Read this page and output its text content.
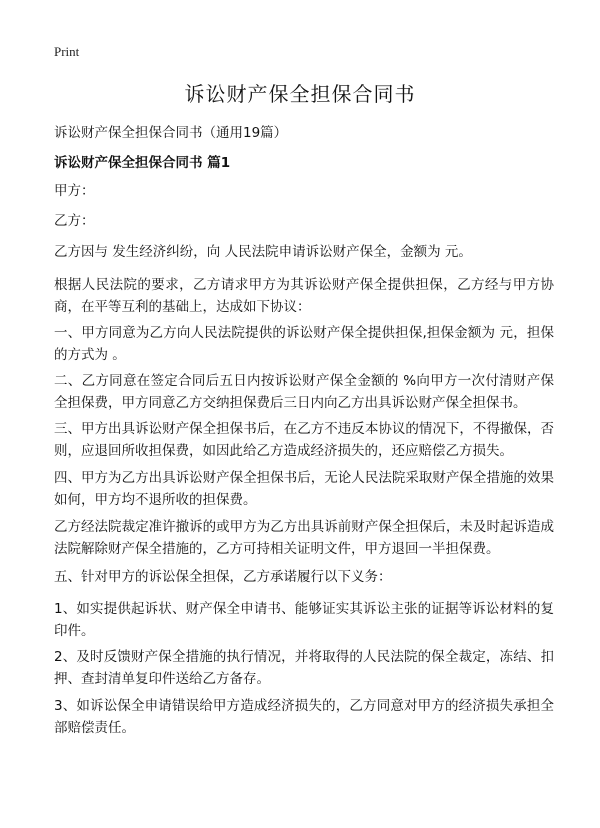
Print
诉讼财产保全担保合同书

诉讼财产保全担保合同书（通用19篇）

诉讼财产保全担保合同书 篇1

甲方：

乙方：

乙方因与 发生经济纠纷，向 人民法院申请诉讼财产保全，金额为 元。

根据人民法院的要求，乙方请求甲方为其诉讼财产保全提供担保，乙方经与甲方协商，在平等互利的基础上，达成如下协议：

一、甲方同意为乙方向人民法院提供的诉讼财产保全提供担保,担保金额为 元，担保的方式为 。

二、乙方同意在签定合同后五日内按诉讼财产保全金额的 %向甲方一次付清财产保全担保费，甲方同意乙方交纳担保费后三日内向乙方出具诉讼财产保全担保书。

三、甲方出具诉讼财产保全担保书后，在乙方不违反本协议的情况下，不得撤保，否则，应退回所收担保费，如因此给乙方造成经济损失的，还应赔偿乙方损失。

四、甲方为乙方出具诉讼财产保全担保书后，无论人民法院采取财产保全措施的效果如何，甲方均不退所收的担保费。

乙方经法院裁定准许撤诉的或甲方为乙方出具诉前财产保全担保后，未及时起诉造成法院解除财产保全措施的，乙方可持相关证明文件，甲方退回一半担保费。

五、针对甲方的诉讼保全担保，乙方承诺履行以下义务：

1、如实提供起诉状、财产保全申请书、能够证实其诉讼主张的证据等诉讼材料的复印件。

2、及时反馈财产保全措施的执行情况，并将取得的人民法院的保全裁定，冻结、扣押、查封清单复印件送给乙方备存。

3、如诉讼保全申请错误给甲方造成经济损失的，乙方同意对甲方的经济损失承担全部赔偿责任。
